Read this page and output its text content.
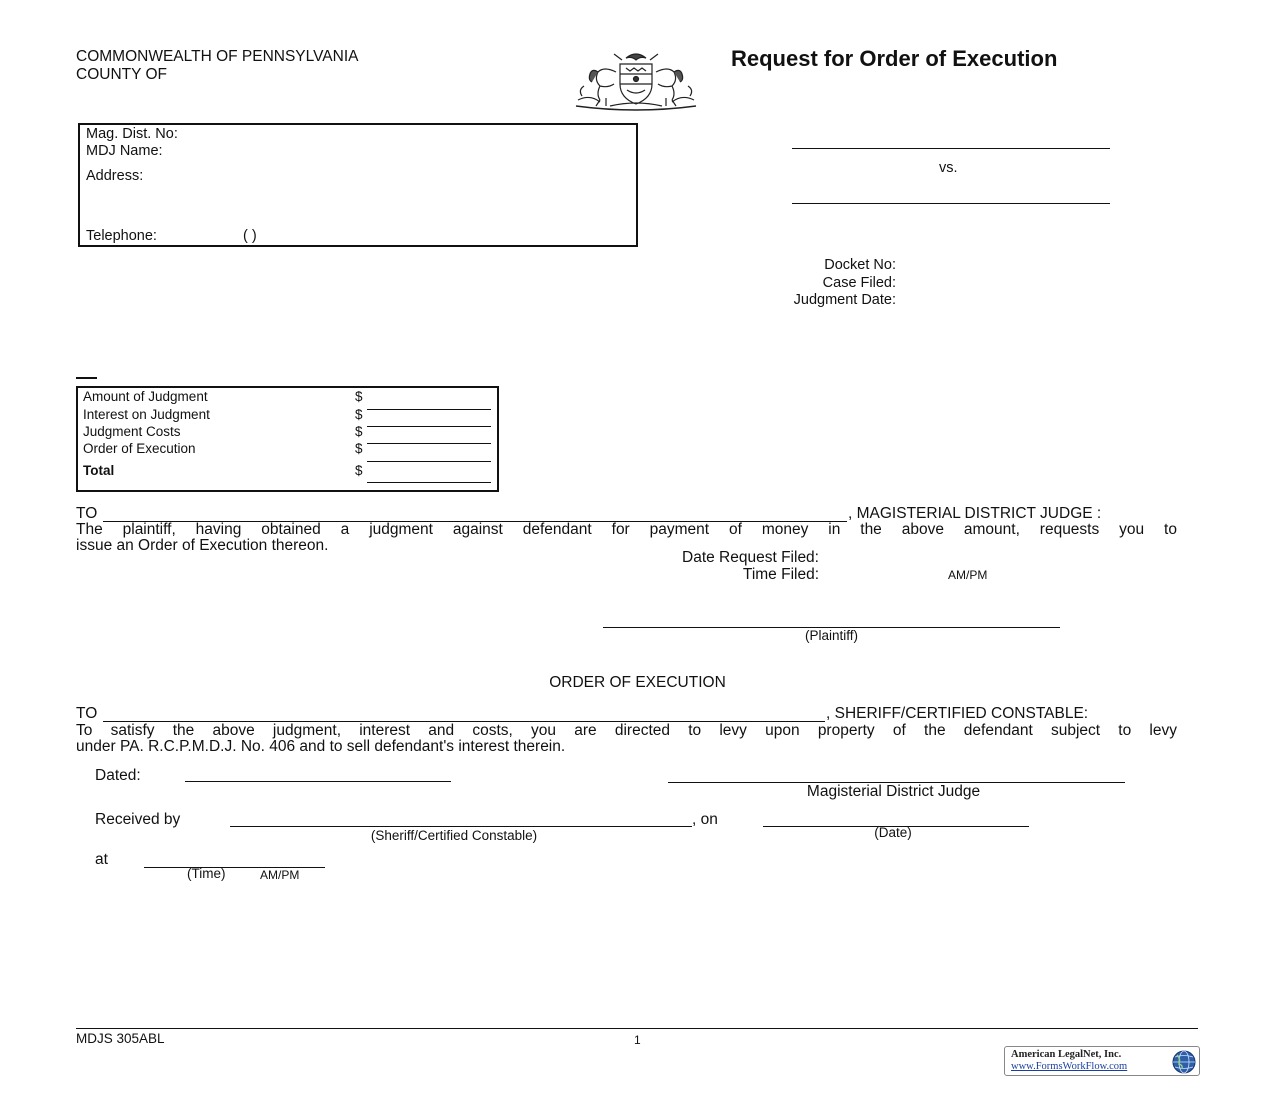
COMMONWEALTH OF PENNSYLVANIA
COUNTY OF
Request for Order of Execution
Mag. Dist. No:
MDJ Name:
Address:
Telephone:	( )
vs.
Docket No:
Case Filed:
Judgment Date:
Amount of Judgment	$
Interest on Judgment	$
Judgment Costs	$
Order of Execution	$
Total	$
TO	, MAGISTERIAL DISTRICT JUDGE :
The plaintiff, having obtained a judgment against defendant for payment of money in the above amount, requests you to
issue an Order of Execution thereon.
Date Request Filed:
Time Filed:	AM/PM
(Plaintiff)
ORDER OF EXECUTION
TO	, SHERIFF/CERTIFIED CONSTABLE:
To satisfy the above judgment, interest and costs, you are directed to levy upon property of the defendant subject to levy
under PA. R.C.P.M.D.J. No. 406 and to sell defendant's interest therein.
Dated:
Magisterial District Judge
Received by	, on
(Sheriff/Certified Constable)	(Date)
at
(Time)	AM/PM
MDJS 305ABL	1
American LegalNet, Inc.
www.FormsWorkFlow.com
